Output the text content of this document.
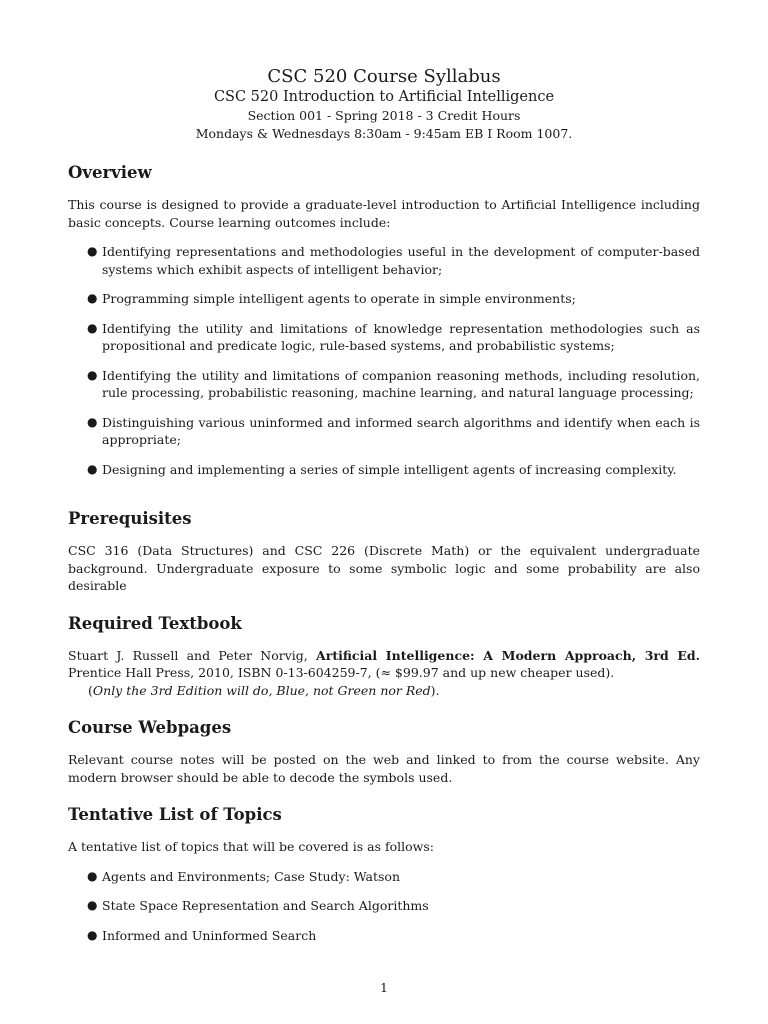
CSC 520 Course Syllabus
CSC 520 Introduction to Artificial Intelligence
Section 001 - Spring 2018 - 3 Credit Hours
Mondays & Wednesdays 8:30am - 9:45am EB I Room 1007.
Overview

This course is designed to provide a graduate-level introduction to Artificial Intelligence including basic concepts. Course learning outcomes include:

● Identifying representations and methodologies useful in the development of computer-based systems which exhibit aspects of intelligent behavior;
● Programming simple intelligent agents to operate in simple environments;
● Identifying the utility and limitations of knowledge representation methodologies such as propositional and predicate logic, rule-based systems, and probabilistic systems;
● Identifying the utility and limitations of companion reasoning methods, including resolution, rule processing, probabilistic reasoning, machine learning, and natural language processing;
● Distinguishing various uninformed and informed search algorithms and identify when each is appropriate;
● Designing and implementing a series of simple intelligent agents of increasing complexity.
Prerequisites

CSC 316 (Data Structures) and CSC 226 (Discrete Math) or the equivalent undergraduate background. Undergraduate exposure to some symbolic logic and some probability are also desirable

Required Textbook

Stuart J. Russell and Peter Norvig, Artificial Intelligence: A Modern Approach, 3rd Ed. Prentice Hall Press, 2010, ISBN 0-13-604259-7, (≈ $99.97 and up new cheaper used).

(Only the 3rd Edition will do, Blue, not Green nor Red).

Course Webpages

Relevant course notes will be posted on the web and linked to from the course website. Any modern browser should be able to decode the symbols used.

Tentative List of Topics

A tentative list of topics that will be covered is as follows:

● Agents and Environments; Case Study: Watson
● State Space Representation and Search Algorithms
● Informed and Uninformed Search
1
